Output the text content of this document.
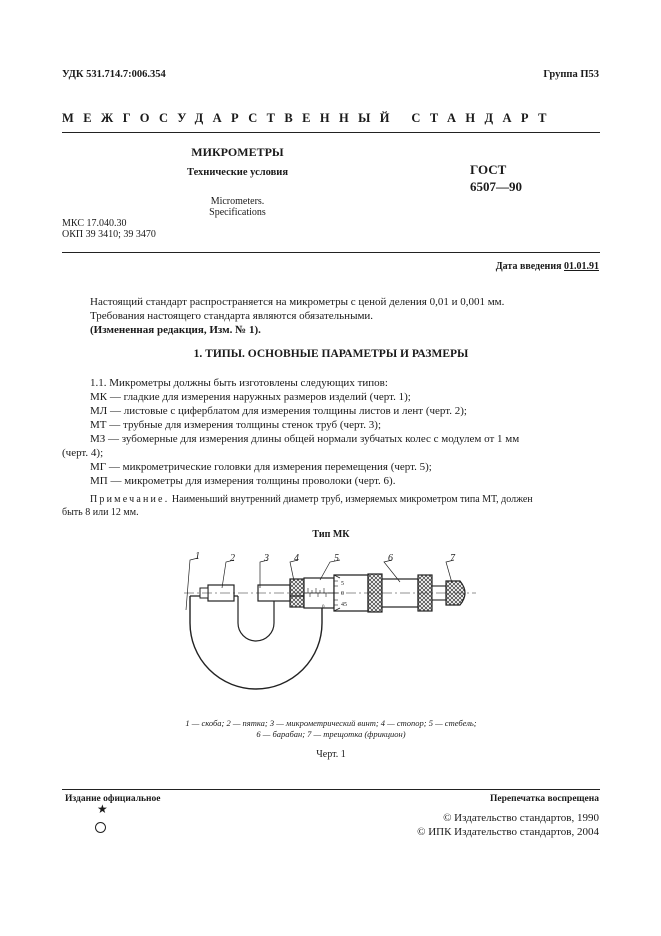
УДК 531.714.7:006.354	Группа П53
МЕЖГОСУДАРСТВЕННЫЙ СТАНДАРТ
МИКРОМЕТРЫ
Технические условия
Micrometers.
Specifications
ГОСТ
6507—90
МКС 17.040.30
ОКП 39 3410; 39 3470
Дата введения 01.01.91
Настоящий стандарт распространяется на микрометры с ценой деления 0,01 и 0,001 мм.
Требования настоящего стандарта являются обязательными.
(Измененная редакция, Изм. № 1).
1. ТИПЫ. ОСНОВНЫЕ ПАРАМЕТРЫ И РАЗМЕРЫ
1.1. Микрометры должны быть изготовлены следующих типов:
МК — гладкие для измерения наружных размеров изделий (черт. 1);
МЛ — листовые с циферблатом для измерения толщины листов и лент (черт. 2);
МТ — трубные для измерения толщины стенок труб (черт. 3);
МЗ — зубомерные для измерения длины общей нормали зубчатых колес с модулем от 1 мм
(черт. 4);
МГ — микрометрические головки для измерения перемещения (черт. 5);
МП — микрометры для измерения толщины проволоки (черт. 6).
Примечание. Наименьший внутренний диаметр труб, измеряемых микрометром типа МТ, должен
быть 8 или 12 мм.
Тип МК
5
0
45
0
1	2	3	4	5	6	7
1 — скоба; 2 — пятка; 3 — микрометрический винт; 4 — стопор; 5 — стебель;
6 — барабан; 7 — трещотка (фрикцион)
Черт. 1
Издание официальное	Перепечатка воспрещена
★
© Издательство стандартов, 1990
© ИПК Издательство стандартов, 2004
